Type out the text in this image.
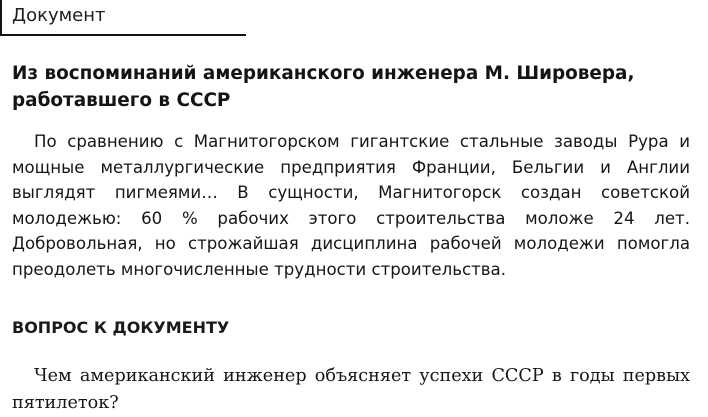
Документ
Из воспоминаний американского инженера М. Шировера, работавшего в СССР

По сравнению с Магнитогорском гигантские стальные заводы Рура и мощные металлургические предприятия Франции, Бельгии и Англии выглядят пигмеями… В сущности, Магнитогорск создан советской молодежью: 60 % рабочих этого строительства моложе 24 лет. Добровольная, но строжайшая дисциплина рабочей молодежи помогла преодолеть многочисленные трудности строительства.

ВОПРОС К ДОКУМЕНТУ

Чем американский инженер объясняет успехи СССР в годы первых пятилеток?
